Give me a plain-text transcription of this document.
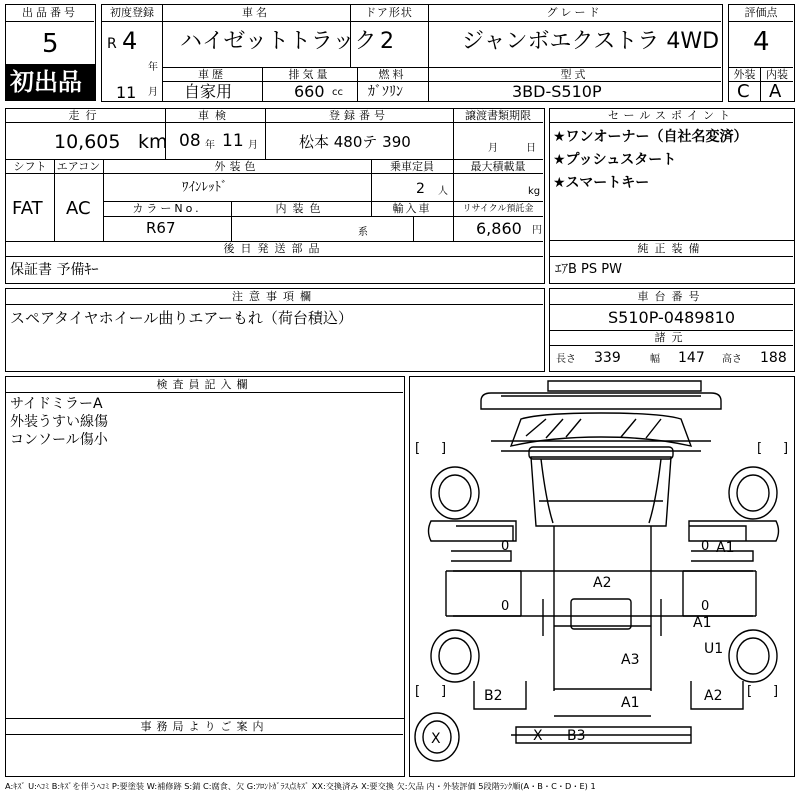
出品番号
5
初出品
初度登録
R 4
年
11 月
車名
ハイゼットトラック
ドア形状
2
グレード
ジャンボエクストラ 4WD
車歴
自家用
排気量
660 cc
燃料
ｶﾞｿﾘﾝ
型式
3BD-S510P
評価点
4
外装 内装
C A
走行
10,605 km
車検
08 年 11 月
登録番号
松本 480テ 390
譲渡書類期限
月	日
シフト
FAT
エアコン
AC
外装色
ﾜｲﾝﾚｯﾄﾞ
乗車定員
2 人
最大積載量
kg
カラーNo.
R67
内装色
系
輸入車	リサイクル預託金
6,860 円
後日発送部品
保証書 予備ｷｰ
注意事項欄
スペアタイヤホイール曲りエアーもれ（荷台積込）
セールスポイント
★ワンオーナー（自社名変済）
★プッシュスタート
★スマートキー
純正装備
ｴｱB PS PW
車台番号
S510P-0489810
諸元
長さ 339	幅 147 高さ 188
検査員記入欄
サイドミラーA
外装うすい線傷
コンソール傷小
事務局よりご案内
[ ]	[ ]
[ ]	[ ]
0	0
0	0
A1
A2
A1
U1
A3
B2	A1	A2
X B3
X
A:ｷｽﾞ U:ﾍｺﾐ B:ｷｽﾞを伴うﾍｺﾐ P:要塗装 W:補修跡 S:錆 C:腐食、欠 G:ﾌﾛﾝﾄｶﾞﾗｽ点ｷｽﾞ XX:交換済み X:要交換 欠:欠品 内・外装評価 5段階ﾗﾝｸ順(A・B・C・D・E) 1
